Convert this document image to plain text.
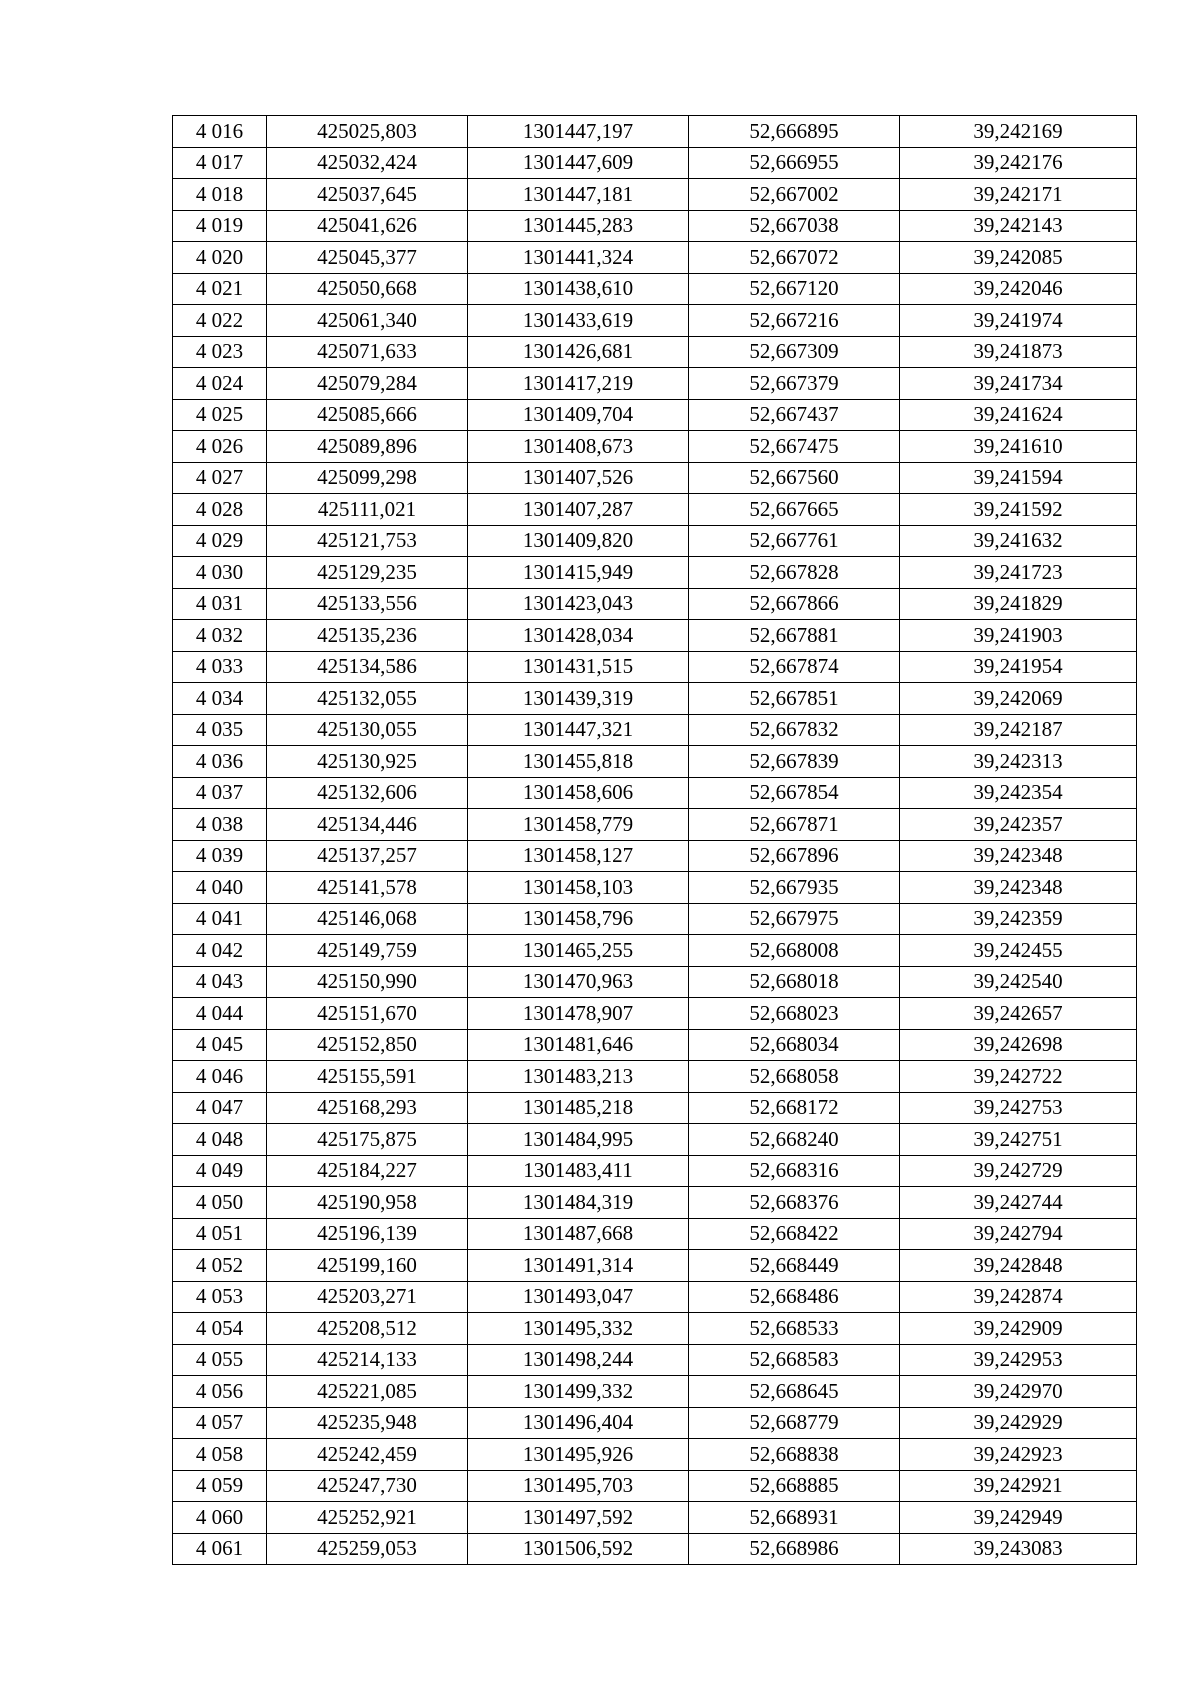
4 016	425025,803	1301447,197	52,666895	39,242169
4 017	425032,424	1301447,609	52,666955	39,242176
4 018	425037,645	1301447,181	52,667002	39,242171
4 019	425041,626	1301445,283	52,667038	39,242143
4 020	425045,377	1301441,324	52,667072	39,242085
4 021	425050,668	1301438,610	52,667120	39,242046
4 022	425061,340	1301433,619	52,667216	39,241974
4 023	425071,633	1301426,681	52,667309	39,241873
4 024	425079,284	1301417,219	52,667379	39,241734
4 025	425085,666	1301409,704	52,667437	39,241624
4 026	425089,896	1301408,673	52,667475	39,241610
4 027	425099,298	1301407,526	52,667560	39,241594
4 028	425111,021	1301407,287	52,667665	39,241592
4 029	425121,753	1301409,820	52,667761	39,241632
4 030	425129,235	1301415,949	52,667828	39,241723
4 031	425133,556	1301423,043	52,667866	39,241829
4 032	425135,236	1301428,034	52,667881	39,241903
4 033	425134,586	1301431,515	52,667874	39,241954
4 034	425132,055	1301439,319	52,667851	39,242069
4 035	425130,055	1301447,321	52,667832	39,242187
4 036	425130,925	1301455,818	52,667839	39,242313
4 037	425132,606	1301458,606	52,667854	39,242354
4 038	425134,446	1301458,779	52,667871	39,242357
4 039	425137,257	1301458,127	52,667896	39,242348
4 040	425141,578	1301458,103	52,667935	39,242348
4 041	425146,068	1301458,796	52,667975	39,242359
4 042	425149,759	1301465,255	52,668008	39,242455
4 043	425150,990	1301470,963	52,668018	39,242540
4 044	425151,670	1301478,907	52,668023	39,242657
4 045	425152,850	1301481,646	52,668034	39,242698
4 046	425155,591	1301483,213	52,668058	39,242722
4 047	425168,293	1301485,218	52,668172	39,242753
4 048	425175,875	1301484,995	52,668240	39,242751
4 049	425184,227	1301483,411	52,668316	39,242729
4 050	425190,958	1301484,319	52,668376	39,242744
4 051	425196,139	1301487,668	52,668422	39,242794
4 052	425199,160	1301491,314	52,668449	39,242848
4 053	425203,271	1301493,047	52,668486	39,242874
4 054	425208,512	1301495,332	52,668533	39,242909
4 055	425214,133	1301498,244	52,668583	39,242953
4 056	425221,085	1301499,332	52,668645	39,242970
4 057	425235,948	1301496,404	52,668779	39,242929
4 058	425242,459	1301495,926	52,668838	39,242923
4 059	425247,730	1301495,703	52,668885	39,242921
4 060	425252,921	1301497,592	52,668931	39,242949
4 061	425259,053	1301506,592	52,668986	39,243083
